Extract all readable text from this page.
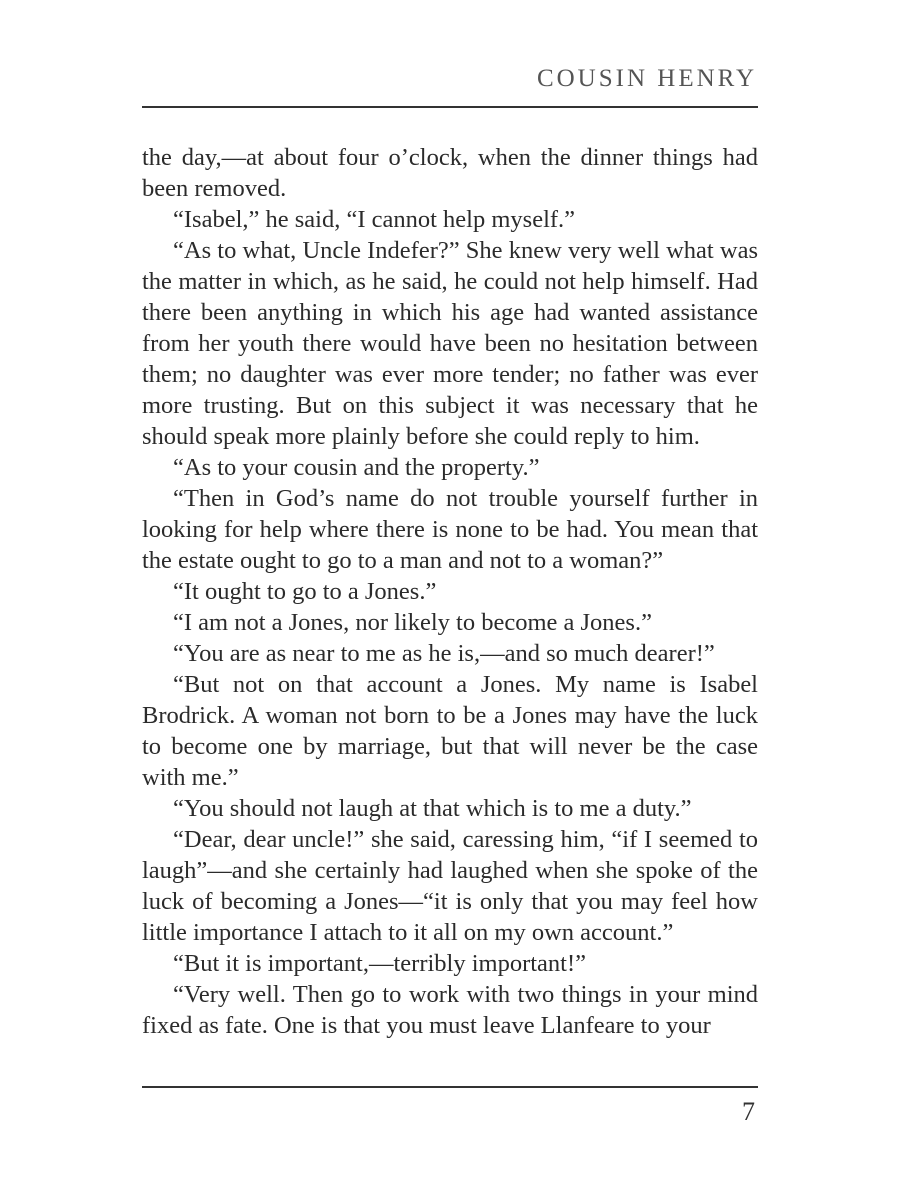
COUSIN HENRY

the day,—at about four o’clock, when the dinner things had been removed.

“Isabel,” he said, “I cannot help myself.”

“As to what, Uncle Indefer?” She knew very well what was the matter in which, as he said, he could not help himself. Had there been anything in which his age had wanted assistance from her youth there would have been no hesitation between them; no daughter was ever more tender; no father was ever more trusting. But on this subject it was necessary that he should speak more plainly before she could reply to him.

“As to your cousin and the property.”

“Then in God’s name do not trouble yourself further in looking for help where there is none to be had. You mean that the estate ought to go to a man and not to a woman?”

“It ought to go to a Jones.”

“I am not a Jones, nor likely to become a Jones.”

“You are as near to me as he is,—and so much dearer!”

“But not on that account a Jones. My name is Isabel Brodrick. A woman not born to be a Jones may have the luck to become one by marriage, but that will never be the case with me.”

“You should not laugh at that which is to me a duty.”

“Dear, dear uncle!” she said, caressing him, “if I seemed to laugh”—and she certainly had laughed when she spoke of the luck of becoming a Jones—“it is only that you may feel how little importance I attach to it all on my own account.”

“But it is important,—terribly important!”

“Very well. Then go to work with two things in your mind fixed as fate. One is that you must leave Llanfeare to your

7
